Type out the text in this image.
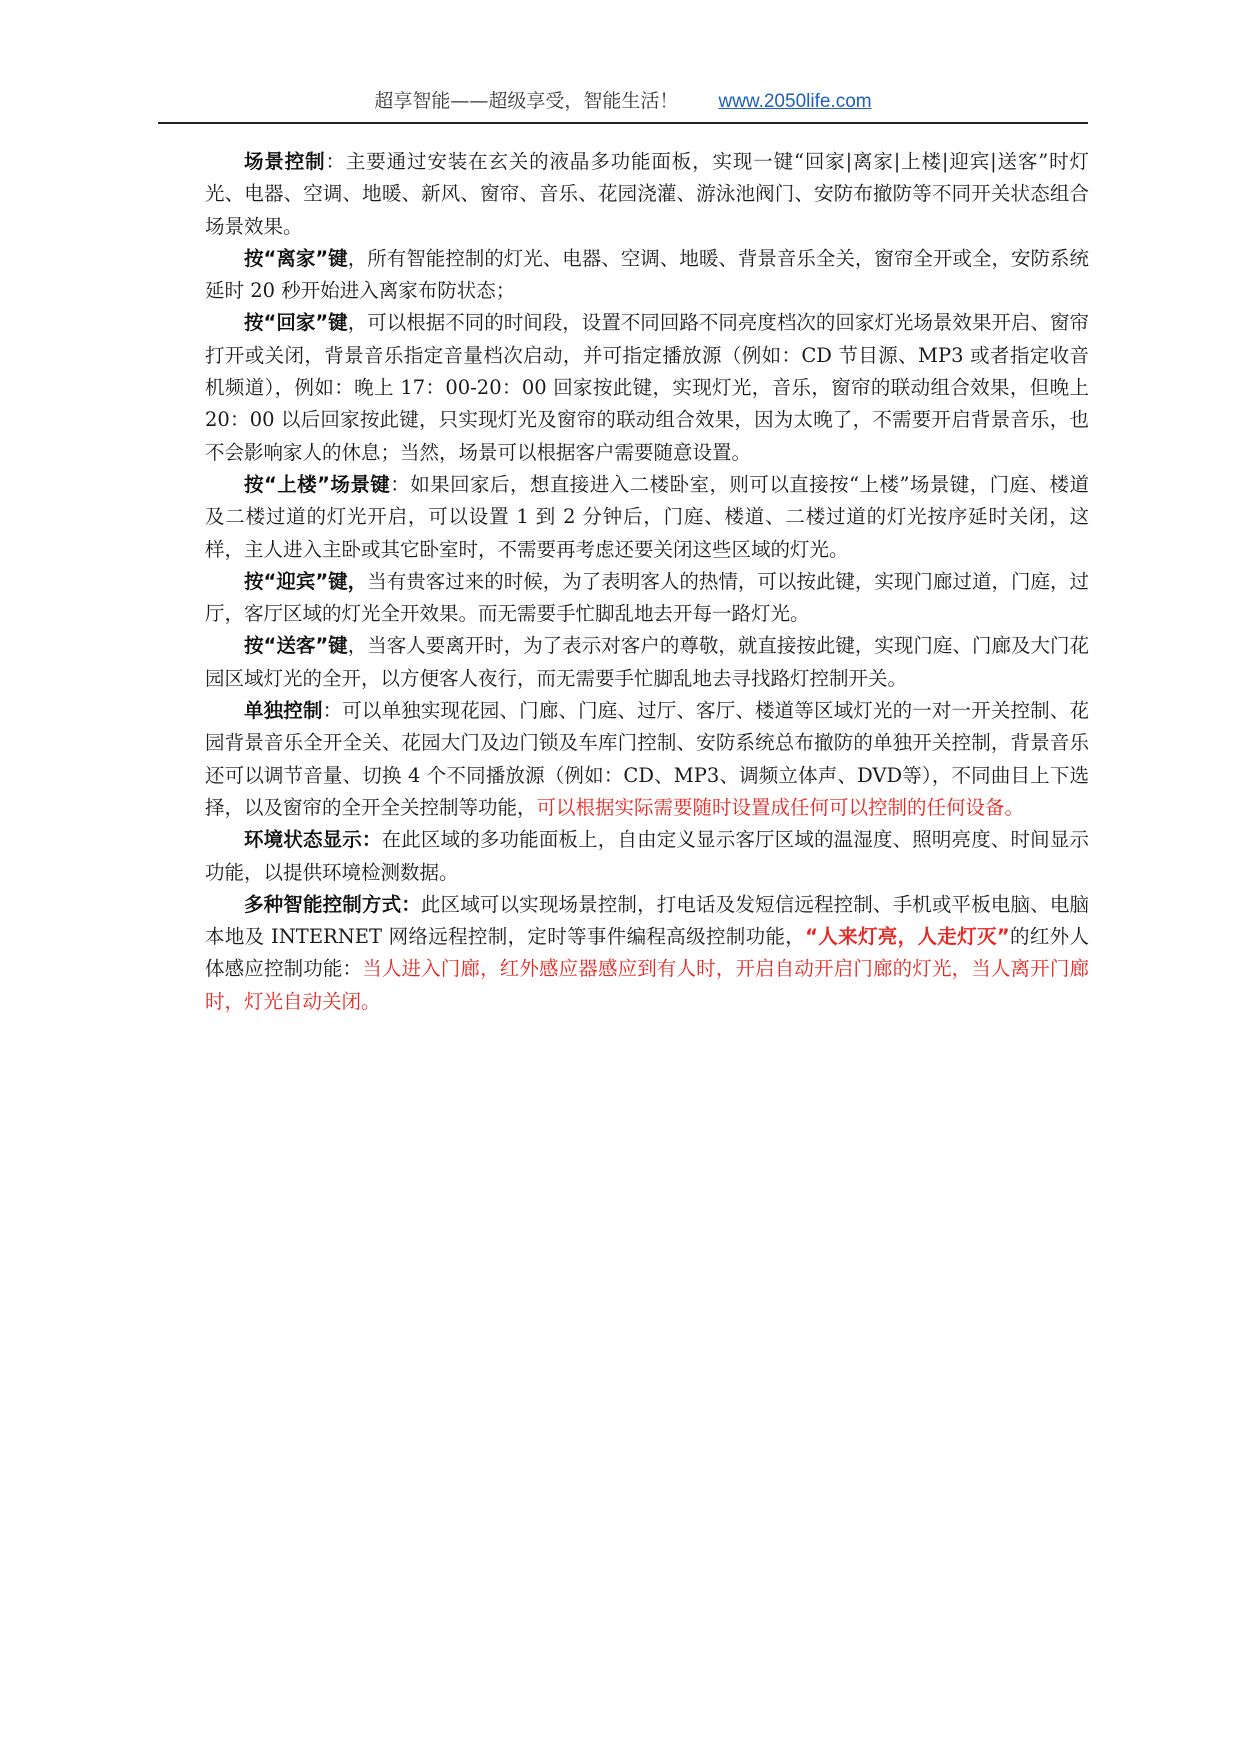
超享智能——超级享受，智能生活！ www.2050life.com

场景控制：主要通过安装在玄关的液晶多功能面板，实现一键“回家|离家|上楼|迎宾|送客”时灯光、电器、空调、地暖、新风、窗帘、音乐、花园浇灌、游泳池阀门、安防布撤防等不同开关状态组合场景效果。

按“离家”键，所有智能控制的灯光、电器、空调、地暖、背景音乐全关，窗帘全开或全，安防系统延时 20 秒开始进入离家布防状态；

按“回家”键，可以根据不同的时间段，设置不同回路不同亮度档次的回家灯光场景效果开启、窗帘打开或关闭，背景音乐指定音量档次启动，并可指定播放源（例如：CD 节目源、MP3 或者指定收音机频道），例如：晚上 17：00-20：00 回家按此键，实现灯光，音乐，窗帘的联动组合效果，但晚上 20：00 以后回家按此键，只实现灯光及窗帘的联动组合效果，因为太晚了，不需要开启背景音乐，也不会影响家人的休息；当然，场景可以根据客户需要随意设置。

按“上楼”场景键：如果回家后，想直接进入二楼卧室，则可以直接按“上楼”场景键，门庭、楼道及二楼过道的灯光开启，可以设置 1 到 2 分钟后，门庭、楼道、二楼过道的灯光按序延时关闭，这样，主人进入主卧或其它卧室时，不需要再考虑还要关闭这些区域的灯光。

按“迎宾”键，当有贵客过来的时候，为了表明客人的热情，可以按此键，实现门廊过道，门庭，过厅，客厅区域的灯光全开效果。而无需要手忙脚乱地去开每一路灯光。

按“送客”键，当客人要离开时，为了表示对客户的尊敬，就直接按此键，实现门庭、门廊及大门花园区域灯光的全开，以方便客人夜行，而无需要手忙脚乱地去寻找路灯控制开关。

单独控制：可以单独实现花园、门廊、门庭、过厅、客厅、楼道等区域灯光的一对一开关控制、花园背景音乐全开全关、花园大门及边门锁及车库门控制、安防系统总布撤防的单独开关控制，背景音乐还可以调节音量、切换 4 个不同播放源（例如：CD、MP3、调频立体声、DVD等），不同曲目上下选择，以及窗帘的全开全关控制等功能，可以根据实际需要随时设置成任何可以控制的任何设备。

环境状态显示：在此区域的多功能面板上，自由定义显示客厅区域的温湿度、照明亮度、时间显示功能，以提供环境检测数据。

多种智能控制方式：此区域可以实现场景控制，打电话及发短信远程控制、手机或平板电脑、电脑本地及 INTERNET 网络远程控制，定时等事件编程高级控制功能，“人来灯亮，人走灯灭”的红外人体感应控制功能：当人进入门廊，红外感应器感应到有人时，开启自动开启门廊的灯光，当人离开门廊时，灯光自动关闭。
